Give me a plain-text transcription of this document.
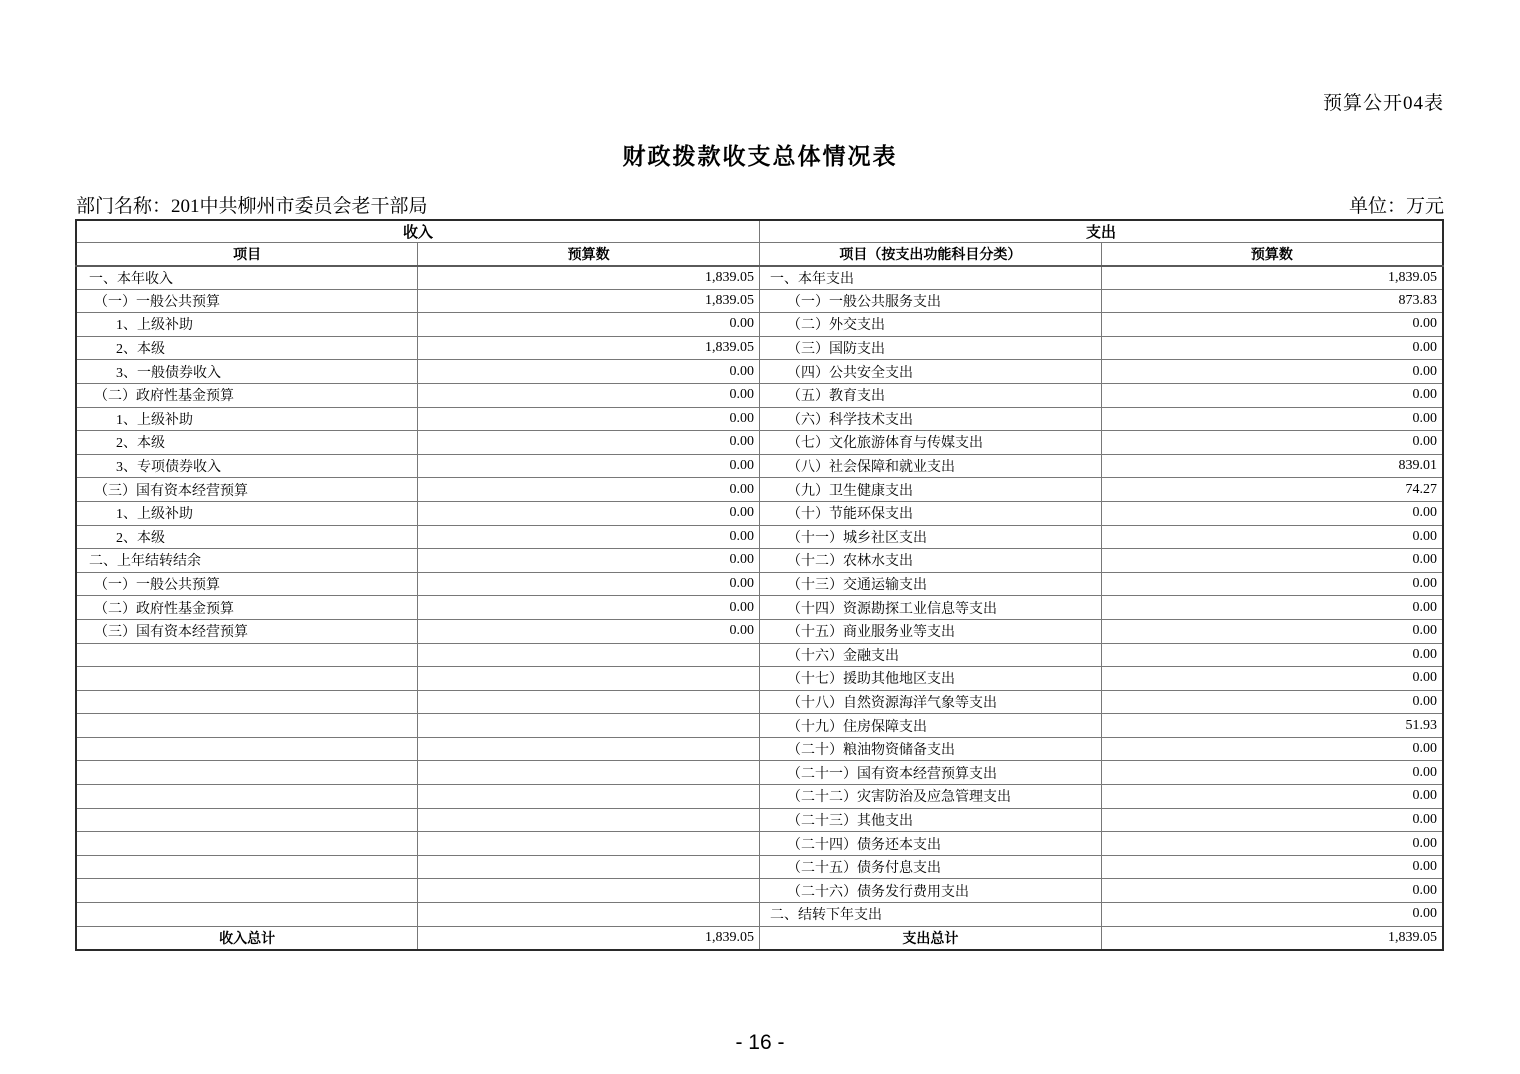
预算公开04表
财政拨款收支总体情况表
部门名称：201中共柳州市委员会老干部局	单位：万元
收入		支出	
项目	预算数	项目（按支出功能科目分类）	预算数
一、本年收入	1,839.05	一、本年支出	1,839.05
（一）一般公共预算	1,839.05	（一）一般公共服务支出	873.83
1、上级补助	0.00	（二）外交支出	0.00
2、本级	1,839.05	（三）国防支出	0.00
3、一般债券收入	0.00	（四）公共安全支出	0.00
（二）政府性基金预算	0.00	（五）教育支出	0.00
1、上级补助	0.00	（六）科学技术支出	0.00
2、本级	0.00	（七）文化旅游体育与传媒支出	0.00
3、专项债券收入	0.00	（八）社会保障和就业支出	839.01
（三）国有资本经营预算	0.00	（九）卫生健康支出	74.27
1、上级补助	0.00	（十）节能环保支出	0.00
2、本级	0.00	（十一）城乡社区支出	0.00
二、上年结转结余	0.00	（十二）农林水支出	0.00
（一）一般公共预算	0.00	（十三）交通运输支出	0.00
（二）政府性基金预算	0.00	（十四）资源勘探工业信息等支出	0.00
（三）国有资本经营预算	0.00	（十五）商业服务业等支出	0.00
		（十六）金融支出	0.00
		（十七）援助其他地区支出	0.00
		（十八）自然资源海洋气象等支出	0.00
		（十九）住房保障支出	51.93
		（二十）粮油物资储备支出	0.00
		（二十一）国有资本经营预算支出	0.00
		（二十二）灾害防治及应急管理支出	0.00
		（二十三）其他支出	0.00
		（二十四）债务还本支出	0.00
		（二十五）债务付息支出	0.00
		（二十六）债务发行费用支出	0.00
		二、结转下年支出	0.00
收入总计	1,839.05	支出总计	1,839.05
- 16 -
